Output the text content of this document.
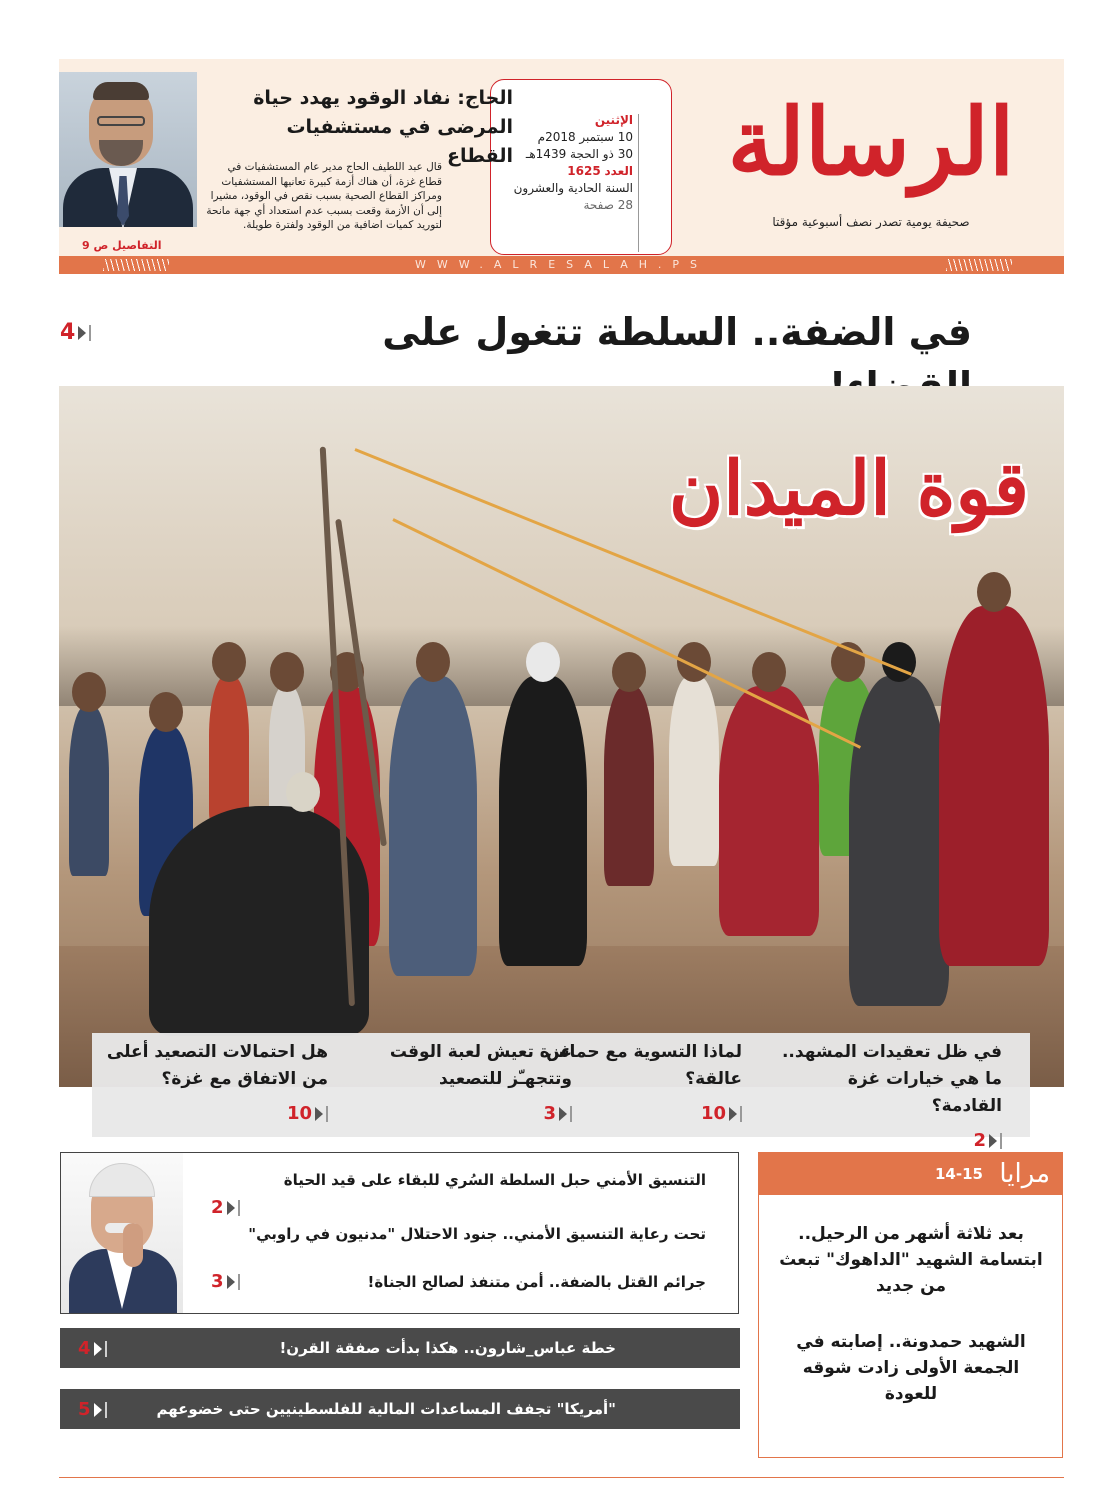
الرسالة
صحيفة يومية تصدر نصف أسبوعية مؤقتا
الإثنين
10 سبتمبر 2018م
30 ذو الحجة 1439هـ
العدد 1625
السنة الحادية والعشرون
28 صفحة
الحاج: نفاد الوقود يهدد حياة المرضى في مستشفيات القطاع
قال عبد اللطيف الحاج مدير عام المستشفيات في قطاع غزة، أن هناك أزمة كبيرة تعانيها المستشفيات ومراكز القطاع الصحية بسبب نقص في الوقود، مشيرا إلى أن الأزمة وقعت بسبب عدم استعداد أي جهة مانحة لتوريد كميات اضافية من الوقود ولفترة طويلة.
التفاصيل ص 9
WWW.ALRESALAH.PS
في الضفة.. السلطة تتغول على
4
قوة الميدان
في ظل تعقيدات المشهد.. ما هي خيارات غزة القادمة؟
2
لماذا التسوية مع حماس عالقة؟
10
غزة تعيش لعبة الوقت وتتجهـّز للتصعيد
3
هل احتمالات التصعيد أعلى من الاتفاق مع غزة؟
10
التنسيق الأمني حبل السلطة السُري للبقاء على قيد الحياة
2
تحت رعاية التنسيق الأمني.. جنود الاحتلال "مدنيون في راوبي"
جرائم القتل بالضفة.. أمن متنفذ لصالح الجناة!
3
خطة عباس_شارون.. هكذا بدأت صفقة القرن!
4
"أمريكا" تجفف المساعدات المالية للفلسطينيين حتى خضوعهم للصفقة
5
مرايا
14-15
بعد ثلاثة أشهر من الرحيل.. ابتسامة الشهيد "الداهوك" تبعث من جديد
الشهيد حمدونة.. إصابته في الجمعة الأولى زادت شوقه للعودة
